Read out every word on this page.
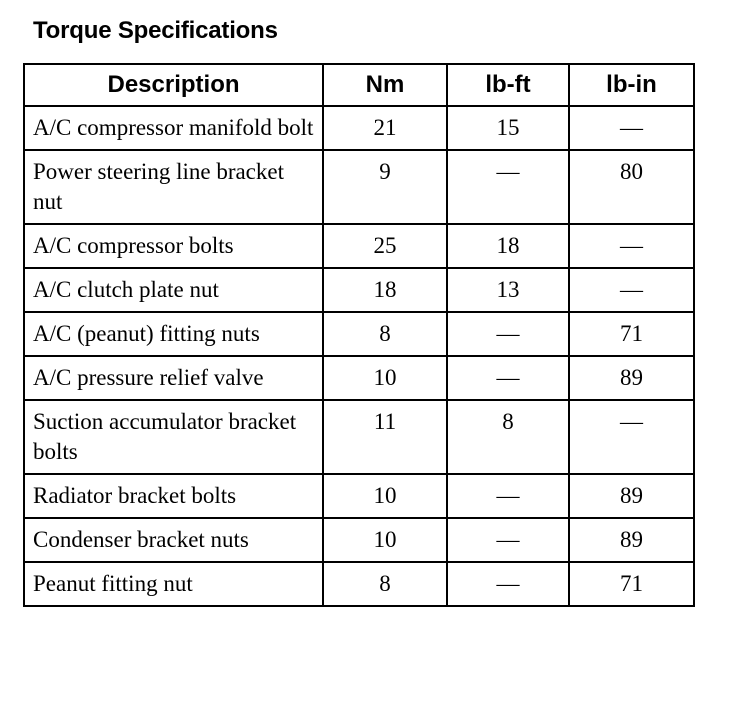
Torque Specifications
Description	Nm	lb-ft	lb-in
A/C compressor manifold bolt	21	15	—
Power steering line bracket nut	9	—	80
A/C compressor bolts	25	18	—
A/C clutch plate nut	18	13	—
A/C (peanut) fitting nuts	8	—	71
A/C pressure relief valve	10	—	89
Suction accumulator bracket bolts	11	8	—
Radiator bracket bolts	10	—	89
Condenser bracket nuts	10	—	89
Peanut fitting nut	8	—	71
